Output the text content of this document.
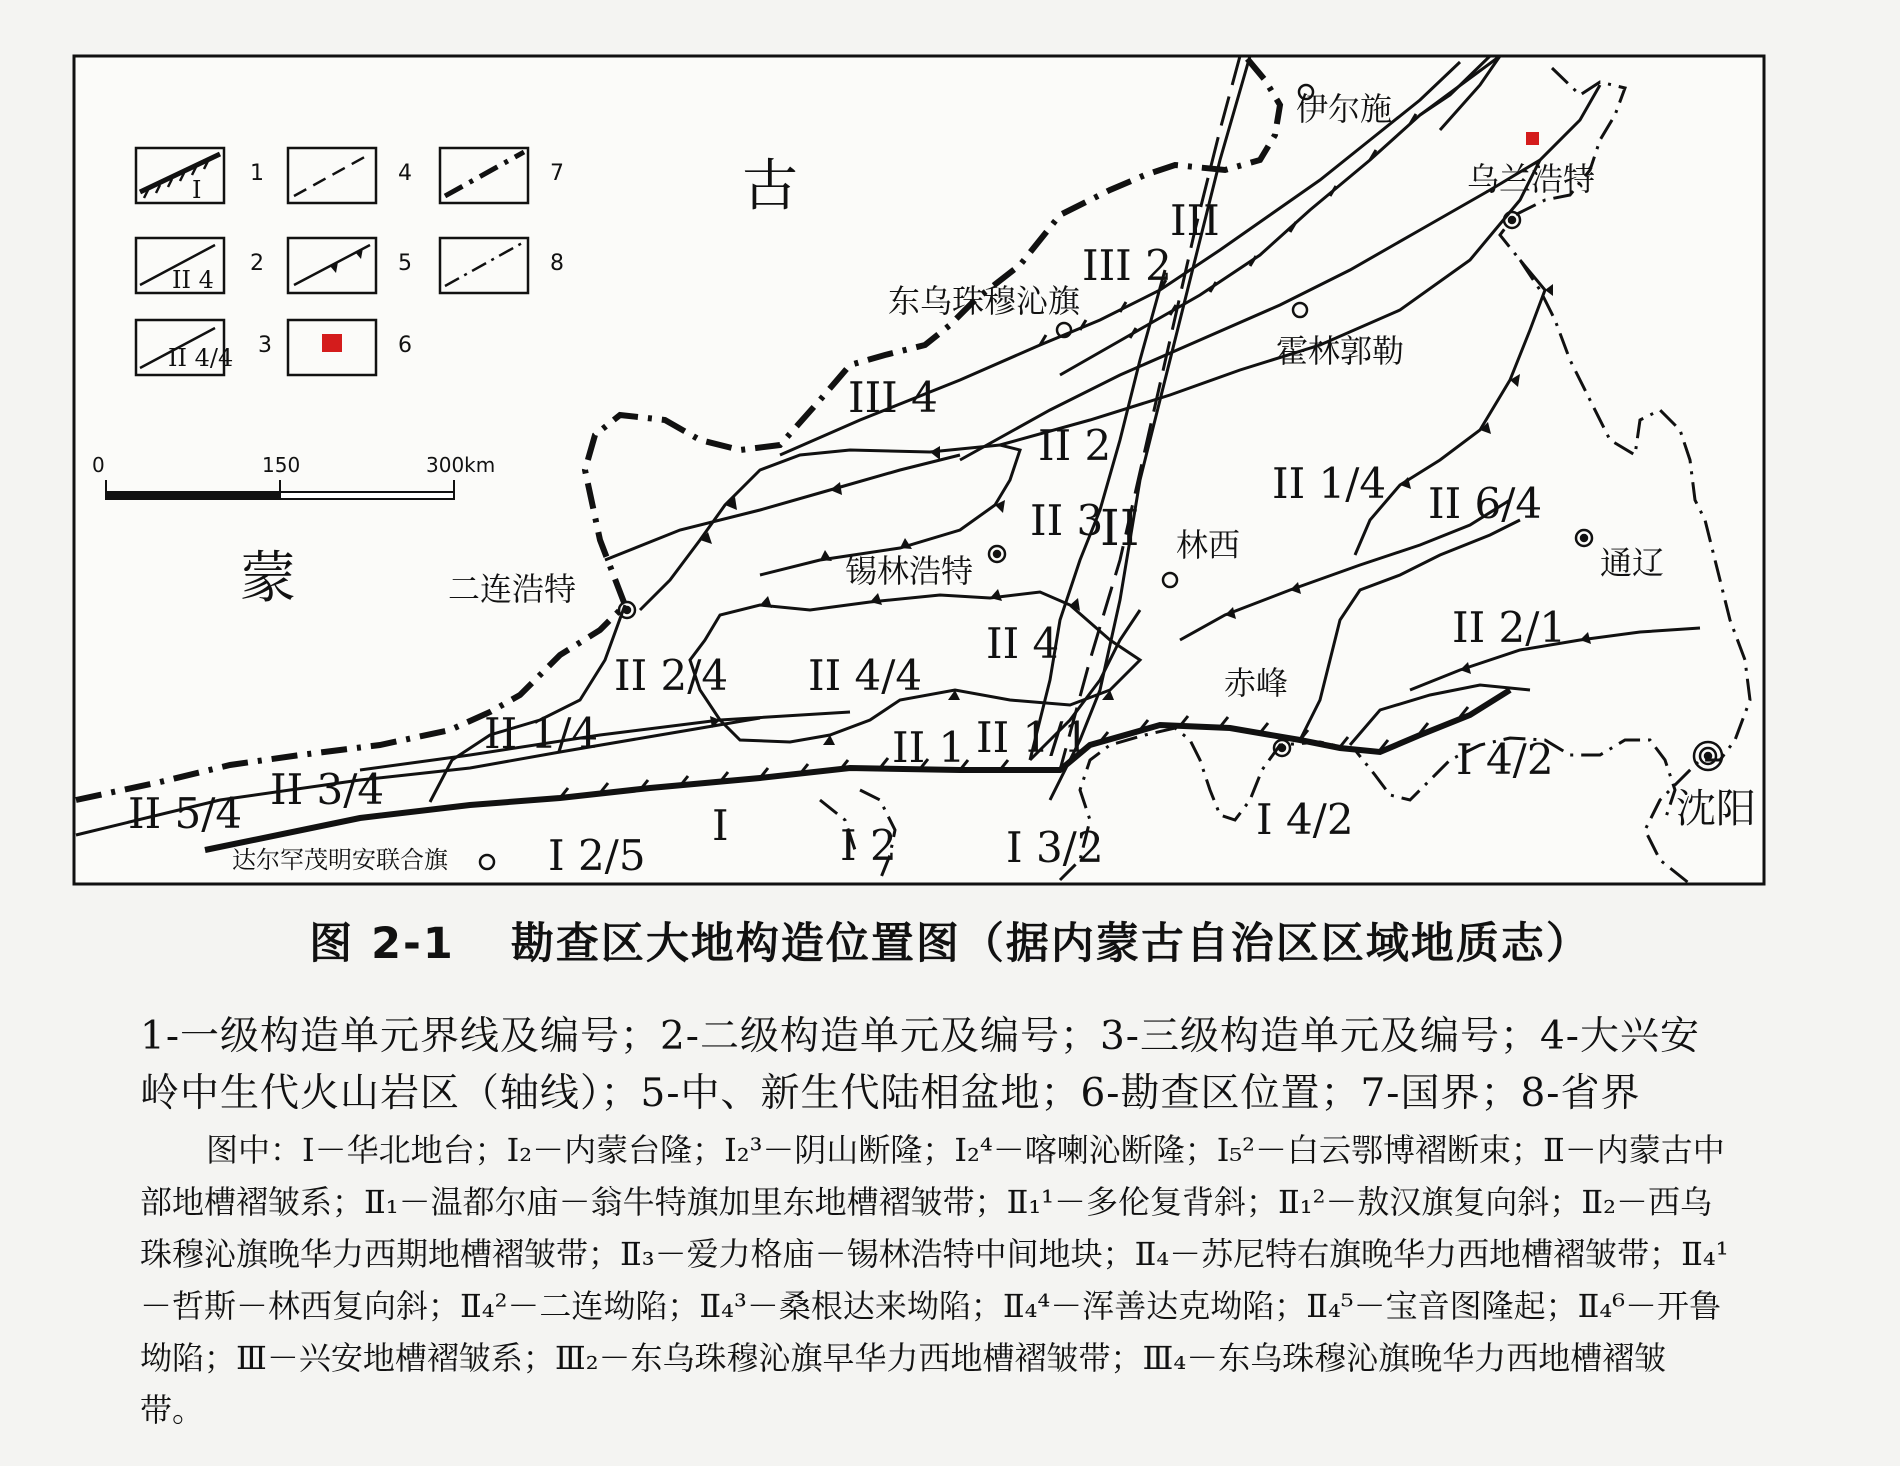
伊尔施
乌兰浩特
东乌珠穆沁旗
霍林郭勒
锡林浩特
林西	通辽
二连浩特
赤峰
沈阳
达尔罕茂明安联合旗
古
蒙
III
III 2
III 4
II 2
II 3
II
II 1/4 II 6/4
II 2/4 II 4/4
II 4	II 2/1
II 1 II 1/1
II 1/4
II 3/4
II 5/4	I
I 2/5	I 2	I 3/2
I 4/2
I 4/2
1
2
3
4
5
6
7
8
I
II 4
II 4/4
0	150	300km
图 2-1 勘查区大地构造位置图（据内蒙古自治区区域地质志）
1-一级构造单元界线及编号；2-二级构造单元及编号；3-三级构造单元及编号；4-大兴安岭中生代火山岩区（轴线）；5-中、新生代陆相盆地；6-勘查区位置；7-国界；8-省界

图中：Ⅰ－华北地台；Ⅰ₂－内蒙台隆；Ⅰ₂³－阴山断隆；Ⅰ₂⁴－喀喇沁断隆；Ⅰ₅²－白云鄂博褶断束；Ⅱ－内蒙古中部地槽褶皱系；Ⅱ₁－温都尔庙－翁牛特旗加里东地槽褶皱带；Ⅱ₁¹－多伦复背斜；Ⅱ₁²－敖汉旗复向斜；Ⅱ₂－西乌珠穆沁旗晚华力西期地槽褶皱带；Ⅱ₃－爱力格庙－锡林浩特中间地块；Ⅱ₄－苏尼特右旗晚华力西地槽褶皱带；Ⅱ₄¹－哲斯－林西复向斜；Ⅱ₄²－二连坳陷；Ⅱ₄³－桑根达来坳陷；Ⅱ₄⁴－浑善达克坳陷；Ⅱ₄⁵－宝音图隆起；Ⅱ₄⁶－开鲁坳陷；Ⅲ－兴安地槽褶皱系；Ⅲ₂－东乌珠穆沁旗早华力西地槽褶皱带；Ⅲ₄－东乌珠穆沁旗晚华力西地槽褶皱带。
